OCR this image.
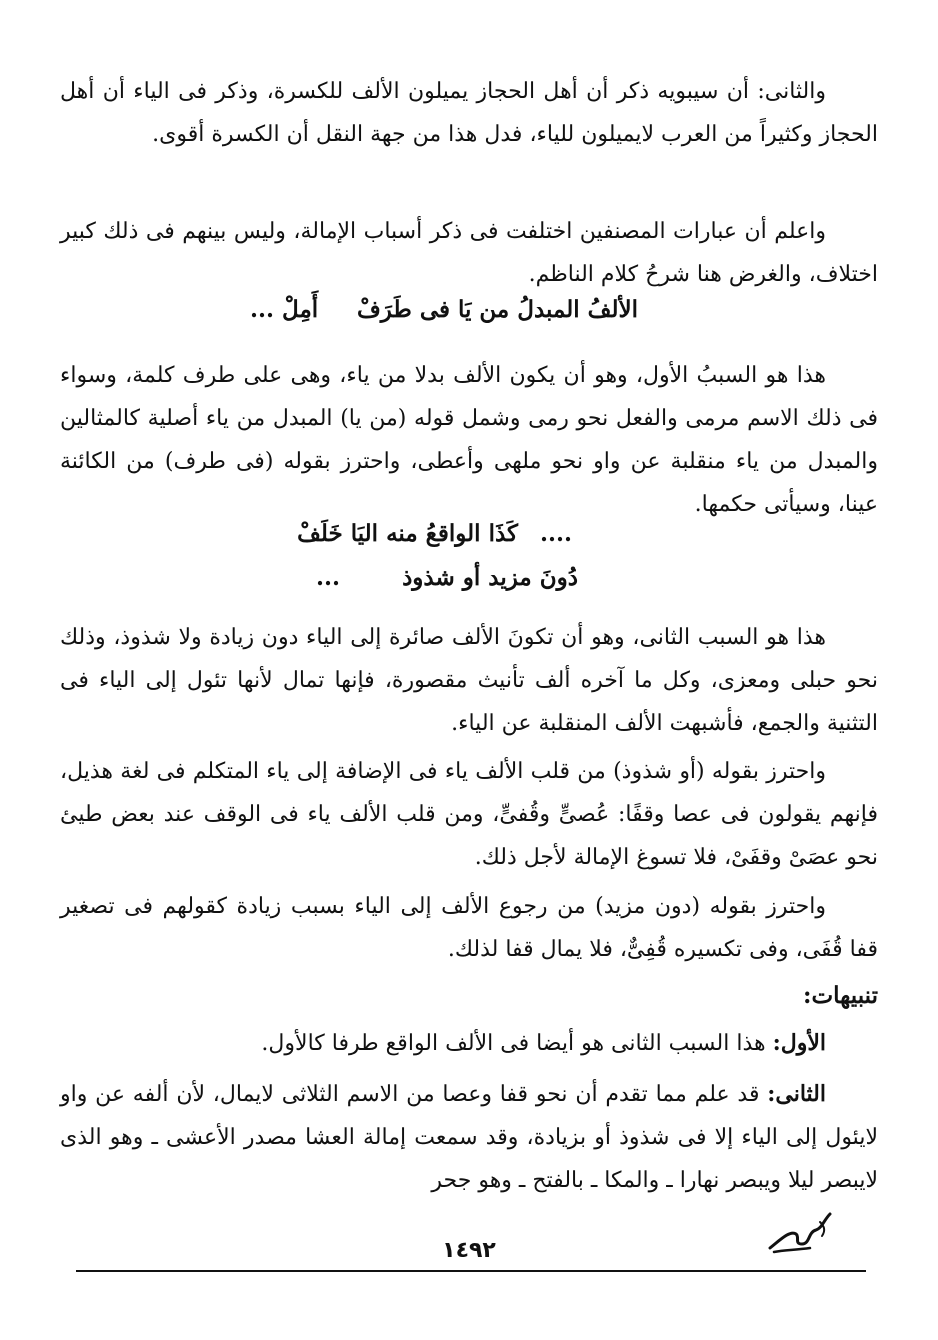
والثانى: أن سيبويه ذكر أن أهل الحجاز يميلون الألف للكسرة، وذكر فى الياء أن أهل الحجاز وكثيراً من العرب لايميلون للياء، فدل هذا من جهة النقل أن الكسرة أقوى.
واعلم أن عبارات المصنفين اختلفت فى ذكر أسباب الإمالة، وليس بينهم فى ذلك كبير اختلاف، والغرض هنا شرحُ كلام الناظم.
هذا هو السببُ الأول، وهو أن يكون الألف بدلا من ياء، وهى على طرف كلمة، وسواء فى ذلك الاسم مرمى والفعل نحو رمى وشمل قوله (من يا) المبدل من ياء أصلية كالمثالين والمبدل من ياء منقلبة عن واو نحو ملهى وأعطى، واحترز بقوله (فى طرف) من الكائنة عينا، وسيأتى حكمها.
هذا هو السبب الثانى، وهو أن تكونَ الألف صائرة إلى الياء دون زيادة ولا شذوذ، وذلك نحو حبلى ومعزى، وكل ما آخره ألف تأنيث مقصورة، فإنها تمال لأنها تئول إلى الياء فى التثنية والجمع، فأشبهت الألف المنقلبة عن الياء.
واحترز بقوله (أو شذوذ) من قلب الألف ياء فى الإضافة إلى ياء المتكلم فى لغة هذيل، فإنهم يقولون فى عصا وقفًا: عُصىٍّ وقُفىٍّ، ومن قلب الألف ياء فى الوقف عند بعض طيئ نحو عصَىْ وقفَىْ، فلا تسوغ الإمالة لأجل ذلك.
واحترز بقوله (دون مزيد) من رجوع الألف إلى الياء بسبب زيادة كقولهم فى تصغير قفا قُفَى، وفى تكسيره قُفِىٌّ، فلا يمال قفا لذلك.
تنبيهات:
الأول: هذا السبب الثانى هو أيضا فى الألف الواقع طرفا كالأول.
الثانى: قد علم مما تقدم أن نحو قفا وعصا من الاسم الثلاثى لايمال، لأن ألفه عن واو لايئول إلى الياء إلا فى شذوذ أو بزيادة، وقد سمعت إمالة العشا مصدر الأعشى ـ وهو الذى لايبصر ليلا ويبصر نهارا ـ والمكا ـ بالفتح ـ وهو جحر
الألفُ المبدلُ من يَا فى طَرَفْ
أَمِلْ ...
....
كَذَا الواقعُ منه اليَا خَلَفْ
دُونَ مزيد أو شذوذ
...
١٤٩٢
